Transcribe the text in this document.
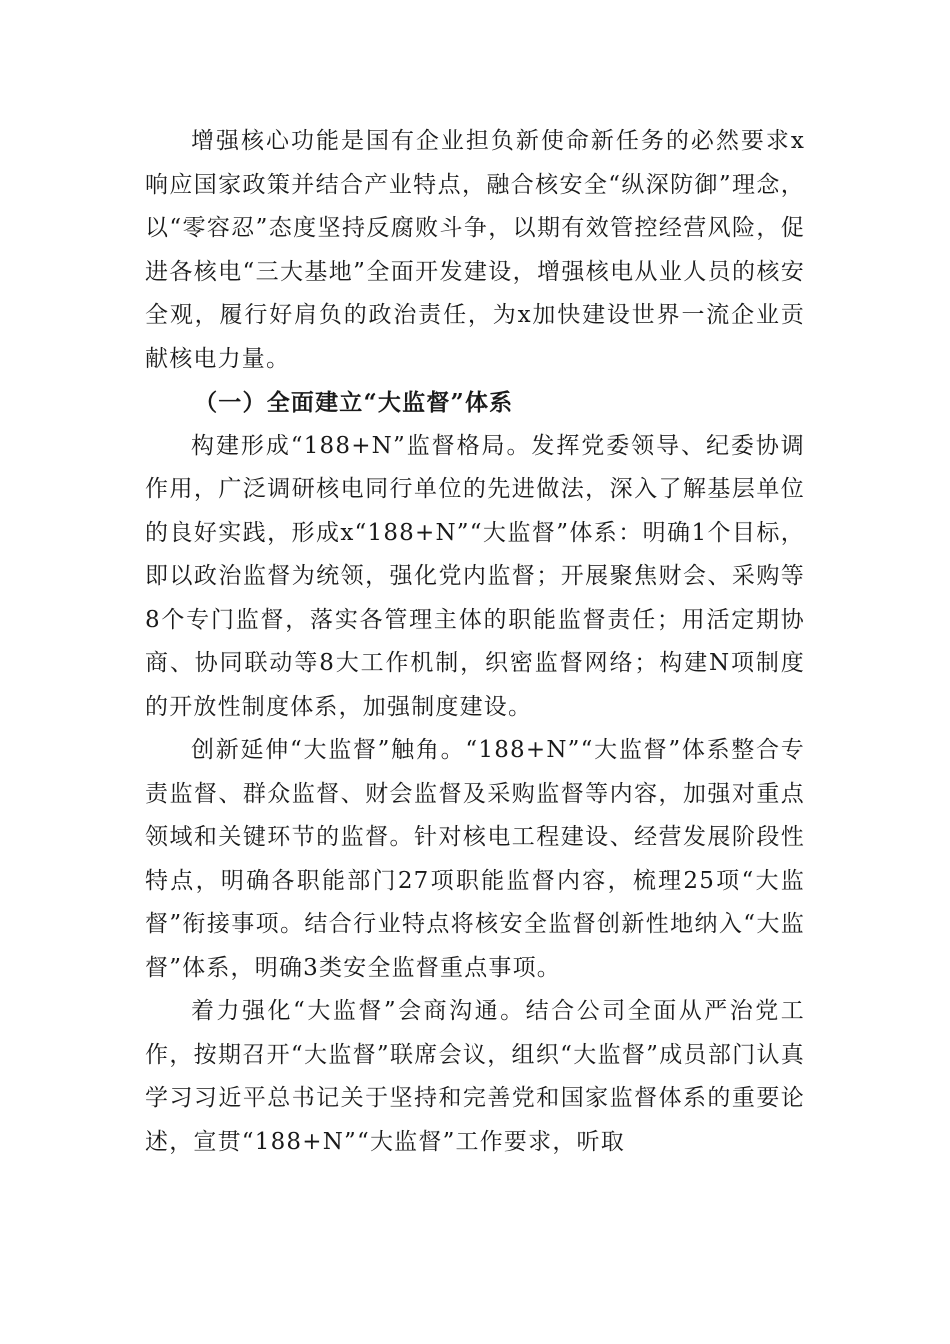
增强核心功能是国有企业担负新使命新任务的必然要求x响应国家政策并结合产业特点，融合核安全“纵深防御”理念，以“零容忍”态度坚持反腐败斗争，以期有效管控经营风险，促进各核电“三大基地”全面开发建设，增强核电从业人员的核安全观，履行好肩负的政治责任，为x加快建设世界一流企业贡献核电力量。

（一）全面建立“大监督”体系

构建形成“188+N”监督格局。发挥党委领导、纪委协调作用，广泛调研核电同行单位的先进做法，深入了解基层单位的良好实践，形成x“188+N”“大监督”体系：明确1个目标，即以政治监督为统领，强化党内监督；开展聚焦财会、采购等8个专门监督，落实各管理主体的职能监督责任；用活定期协商、协同联动等8大工作机制，织密监督网络；构建N项制度的开放性制度体系，加强制度建设。

创新延伸“大监督”触角。“188+N”“大监督”体系整合专责监督、群众监督、财会监督及采购监督等内容，加强对重点领域和关键环节的监督。针对核电工程建设、经营发展阶段性特点，明确各职能部门27项职能监督内容，梳理25项“大监督”衔接事项。结合行业特点将核安全监督创新性地纳入“大监督”体系，明确3类安全监督重点事项。

着力强化“大监督”会商沟通。结合公司全面从严治党工作，按期召开“大监督”联席会议，组织“大监督”成员部门认真学习习近平总书记关于坚持和完善党和国家监督体系的重要论述，宣贯“188+N”“大监督”工作要求，听取
